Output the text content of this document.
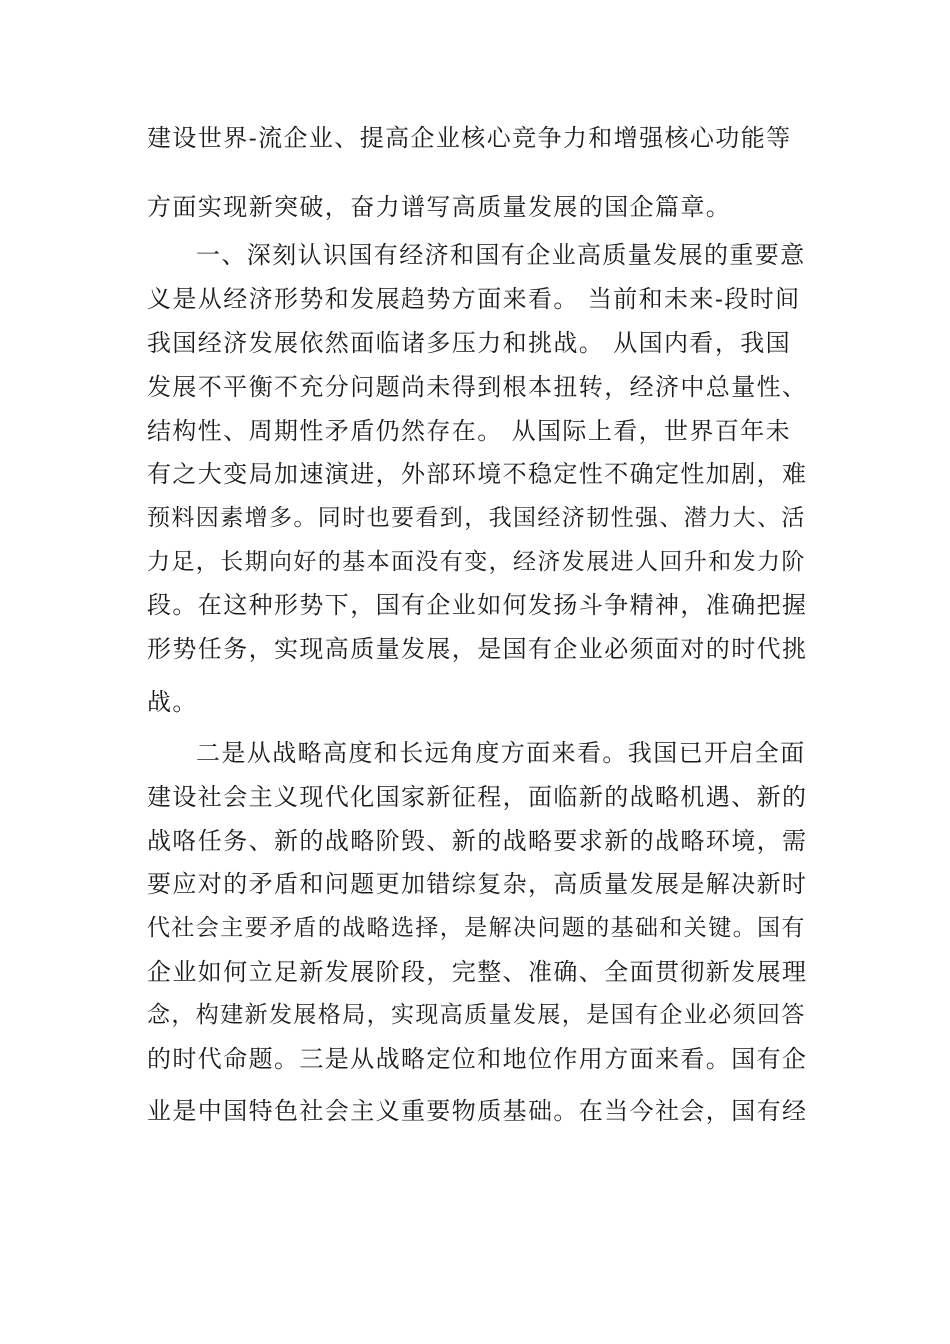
建设世界-流企业、提高企业核心竞争力和增强核心功能等
方面实现新突破，奋力谱写高质量发展的国企篇章。
一、深刻认识国有经济和国有企业高质量发展的重要意
义是从经济形势和发展趋势方面来看。 当前和未来-段时间
我国经济发展依然面临诸多压力和挑战。 从国内看，我国
发展不平衡不充分问题尚未得到根本扭转，经济中总量性、
结构性、周期性矛盾仍然存在。 从国际上看，世界百年未
有之大变局加速演进，外部环境不稳定性不确定性加剧，难
预料因素增多。同时也要看到，我国经济韧性强、潜力大、活
力足，长期向好的基本面没有变，经济发展进人回升和发力阶
段。在这种形势下，国有企业如何发扬斗争精神，准确把握
形势任务，实现高质量发展，是国有企业必须面对的时代挑
战。
二是从战略高度和长远角度方面来看。我国已开启全面
建设社会主义现代化国家新征程，面临新的战略机遇、新的
战咯任务、新的战略阶毁、新的战略要求新的战略环境，需
要应对的矛盾和问题更加错综复杂，高质量发展是解决新时
代社会主要矛盾的战略选择，是解决问题的基础和关键。国有
企业如何立足新发展阶段，完整、准确、全面贯彻新发展理
念，构建新发展格局，实现高质量发展，是国有企业必须回答
的时代命题。三是从战略定位和地位作用方面来看。国有企
业是中国特色社会主义重要物质基础。在当今社会，国有经
